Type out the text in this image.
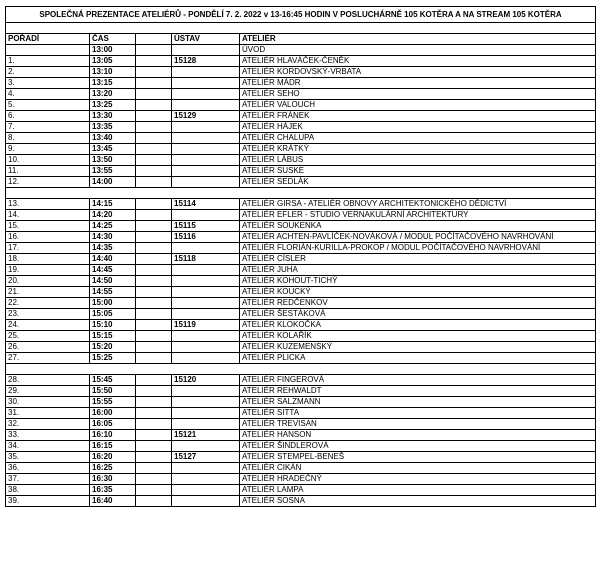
SPOLEČNÁ PREZENTACE ATELIÉRŮ - PONDĚLÍ 7. 2. 2022 v 13-16:45 HODIN V POSLUCHÁRNĚ 105 KOTĚRA A NA STREAM 105 KOTĚRA				

POŘADÍ	ČAS		ÚSTAV	ATELIÉR
	13:00			ÚVOD
1.	13:05		15128	ATELIÉR HLAVÁČEK-ČENĚK
2.	13:10			ATELIÉR KORDOVSKÝ-VRBATA
3.	13:15			ATELIÉR MÁDR
4.	13:20			ATELIÉR SEHO
5.	13:25			ATELIÉR VALOUCH
6.	13:30		15129	ATELIÉR FRÁNEK
7.	13:35			ATELIÉR HÁJEK
8.	13:40			ATELIÉR CHALUPA
9.	13:45			ATELIÉR KRÁTKÝ
10.	13:50			ATELIÉR LÁBUS
11.	13:55			ATELIÉR SUSKE
12.	14:00			ATELIÉR SEDLÁK

13.	14:15		15114	ATELIÉR GIRSA - ATELIÉR OBNOVY ARCHITEKTONICKÉHO DĚDICTVÍ
14.	14:20			ATELIÉR EFLER - STUDIO VERNAKULÁRNÍ ARCHITEKTURY
15.	14:25		15115	ATELIÉR SOUKENKA
16.	14:30		15116	ATELIÉR ACHTEN-PAVLÍČEK-NOVÁKOVÁ / MODUL POČÍTAČOVÉHO NAVRHOVÁNÍ
17.	14:35			ATELIÉR FLORIÁN-KURILLA-PROKOP / MODUL POČÍTAČOVÉHO NAVRHOVÁNÍ
18.	14:40		15118	ATELIÉR CÍSLER
19.	14:45			ATELIÉR JUHA
20.	14:50			ATELIÉR KOHOUT-TICHÝ
21.	14:55			ATELIÉR KOUCKÝ
22.	15:00			ATELIÉR REDČENKOV
23.	15:05			ATELIÉR ŠESTÁKOVÁ
24.	15:10		15119	ATELIÉR KLOKOČKA
25.	15:15			ATELIÉR KOLAŘÍK
26.	15:20			ATELIÉR KUZEMENSKÝ
27.	15:25			ATELIÉR PLICKA

28.	15:45		15120	ATELIÉR FINGEROVÁ
29.	15:50			ATELIÉR REHWALDT
30.	15:55			ATELIÉR SALZMANN
31.	16:00			ATELIÉR SITTA
32.	16:05			ATELIÉR TREVISAN
33.	16:10		15121	ATELIÉR HANSON
34.	16:15			ATELIÉR ŠINDLEROVÁ
35.	16:20		15127	ATELIÉR STEMPEL-BENEŠ
36.	16:25			ATELIÉR CIKÁN
37.	16:30			ATELIÉR HRADEČNÝ
38.	16:35			ATELIÉR LAMPA
39.	16:40			ATELIÉR SOSNA
